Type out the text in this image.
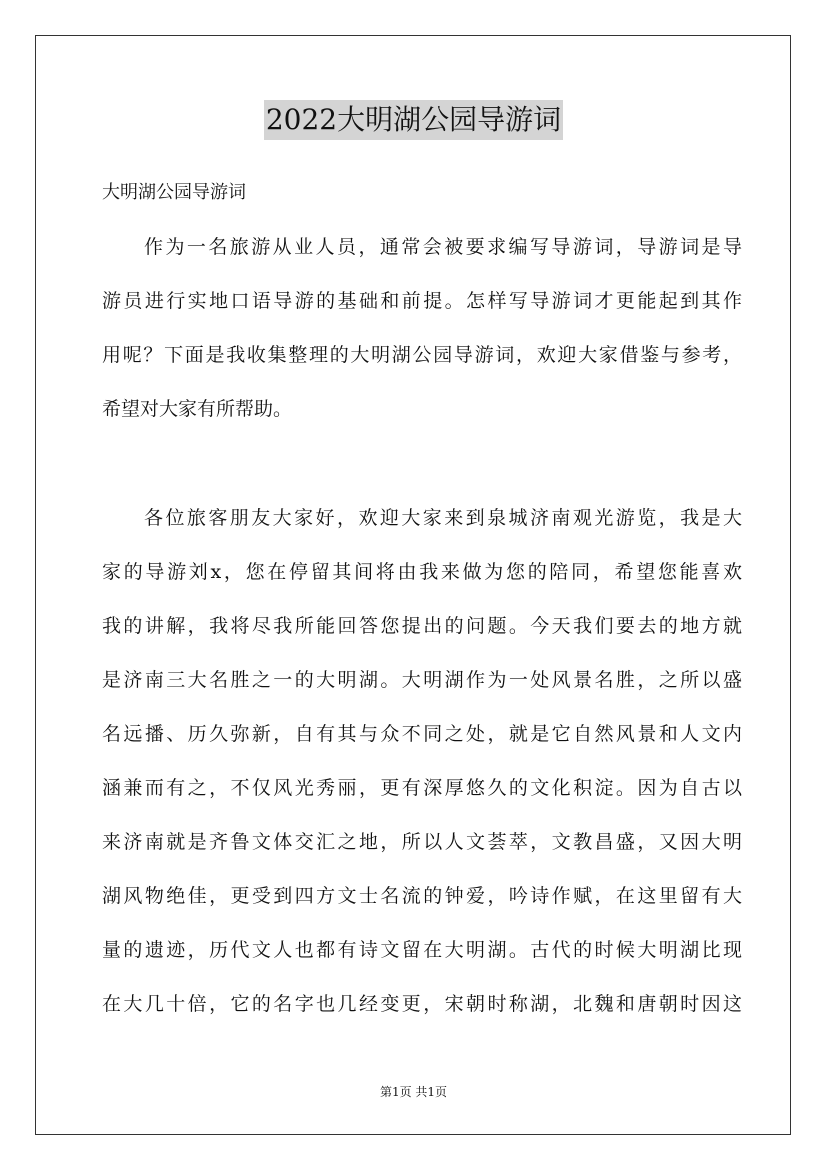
2022大明湖公园导游词
大明湖公园导游词
作为一名旅游从业人员，通常会被要求编写导游词，导游词是导
游员进行实地口语导游的基础和前提。怎样写导游词才更能起到其作
用呢？下面是我收集整理的大明湖公园导游词，欢迎大家借鉴与参考，
希望对大家有所帮助。
各位旅客朋友大家好，欢迎大家来到泉城济南观光游览，我是大
家的导游刘x，您在停留其间将由我来做为您的陪同，希望您能喜欢
我的讲解，我将尽我所能回答您提出的问题。今天我们要去的地方就
是济南三大名胜之一的大明湖。大明湖作为一处风景名胜，之所以盛
名远播、历久弥新，自有其与众不同之处，就是它自然风景和人文内
涵兼而有之，不仅风光秀丽，更有深厚悠久的文化积淀。因为自古以
来济南就是齐鲁文体交汇之地，所以人文荟萃，文教昌盛，又因大明
湖风物绝佳，更受到四方文士名流的钟爱，吟诗作赋，在这里留有大
量的遗迹，历代文人也都有诗文留在大明湖。古代的时候大明湖比现
在大几十倍，它的名字也几经变更，宋朝时称湖，北魏和唐朝时因这
第1页 共1页
